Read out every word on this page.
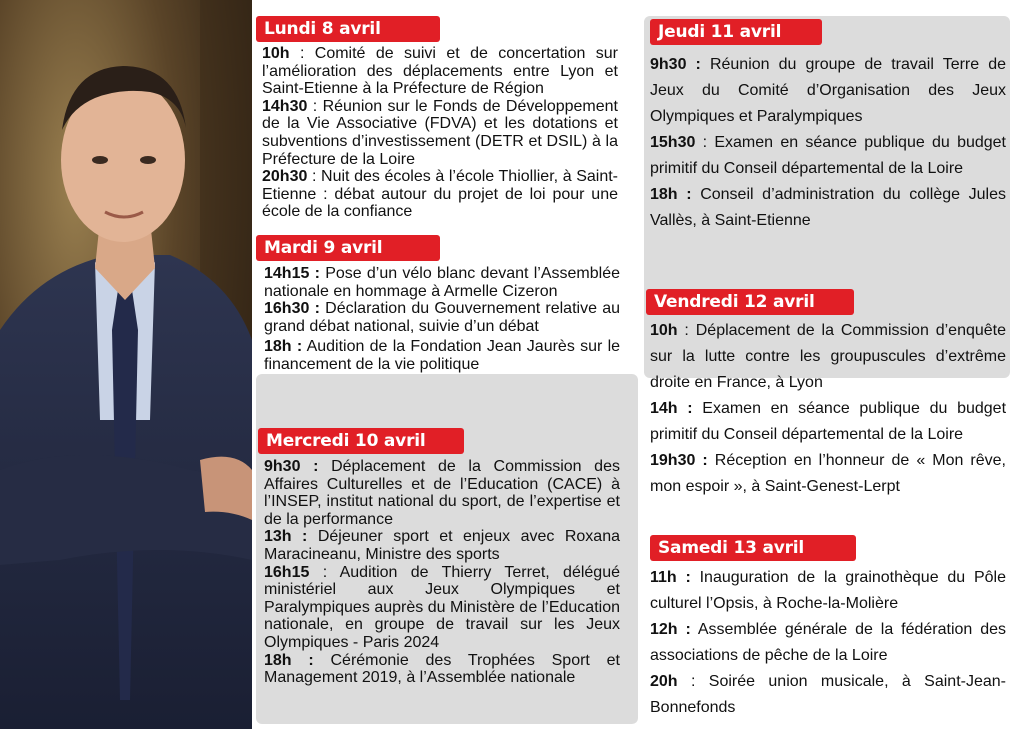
Lundi 8 avril

10h : Comité de suivi et de concertation sur l’amélioration des déplacements entre Lyon et Saint-Etienne à la Préfecture de Région

14h30 : Réunion sur le Fonds de Développement de la Vie Associative (FDVA) et les dotations et subventions d’investissement (DETR et DSIL) à la Préfecture de la Loire

20h30 : Nuit des écoles à l’école Thiollier, à Saint-Etienne : débat autour du projet de loi pour une école de la confiance

Mardi 9 avril

14h15 : Pose d’un vélo blanc devant l’Assemblée nationale en hommage à Armelle Cizeron

16h30 : Déclaration du Gouvernement relative au grand débat national, suivie d’un débat

18h : Audition de la Fondation Jean Jaurès sur le financement de la vie politique

Mercredi 10 avril

9h30 : Déplacement de la Commission des Affaires Culturelles et de l’Education (CACE) à l’INSEP, institut national du sport, de l’expertise et de la performance

13h : Déjeuner sport et enjeux avec Roxana Maracineanu, Ministre des sports

16h15 : Audition de Thierry Terret, délégué ministériel aux Jeux Olympiques et Paralympiques auprès du Ministère de l’Education nationale, en groupe de travail sur les Jeux Olympiques - Paris 2024

18h : Cérémonie des Trophées Sport et Management 2019, à l’Assemblée nationale

Jeudi 11 avril

9h30 : Réunion du groupe de travail Terre de Jeux du Comité d’Organisation des Jeux Olympiques et Paralympiques

15h30 : Examen en séance publique du budget primitif du Conseil départemental de la Loire

18h : Conseil d’administration du collège Jules Vallès, à Saint-Etienne

Vendredi 12 avril

10h : Déplacement de la Commission d’enquête sur la lutte contre les groupuscules d’extrême droite en France, à Lyon

14h : Examen en séance publique du budget primitif du Conseil départemental de la Loire

19h30 : Réception en l’honneur de « Mon rêve, mon espoir », à Saint-Genest-Lerpt

Samedi 13 avril

11h : Inauguration de la grainothèque du Pôle culturel l’Opsis, à Roche-la-Molière

12h : Assemblée générale de la fédération des associations de pêche de la Loire

20h : Soirée union musicale, à Saint-Jean-Bonnefonds
